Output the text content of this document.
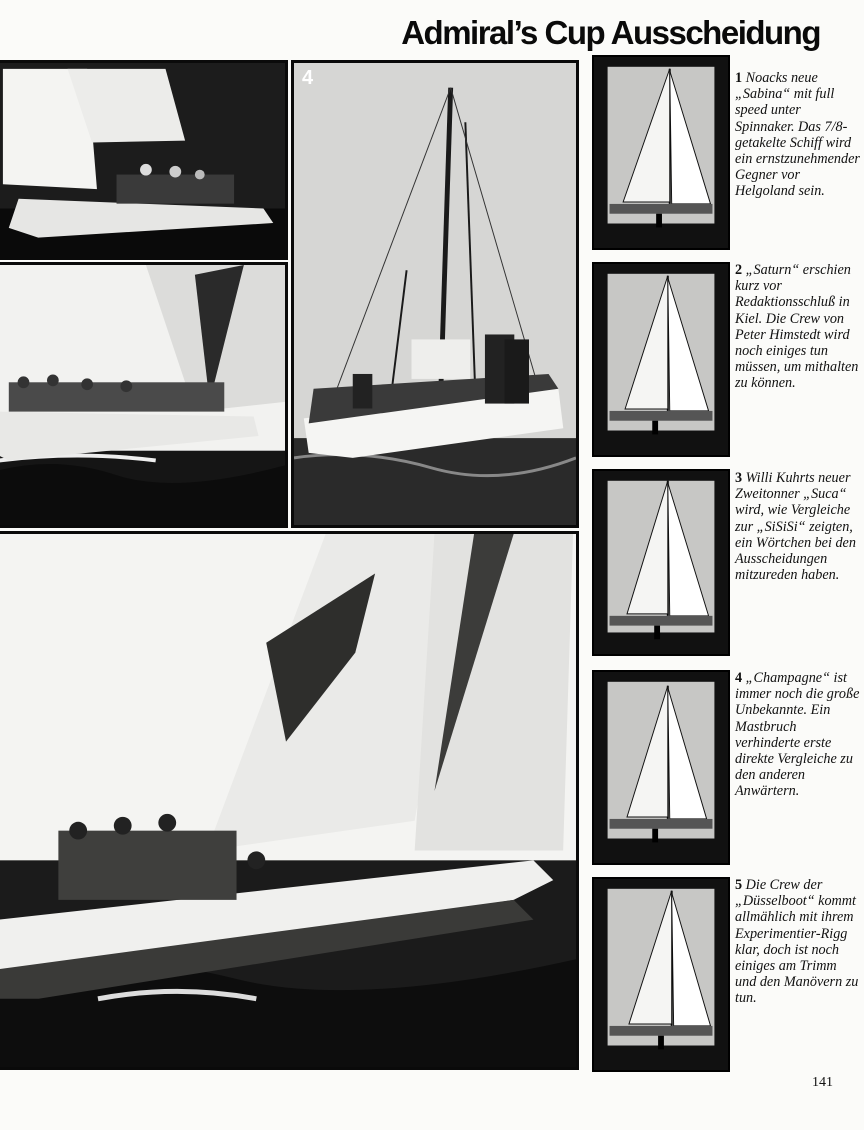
Admiral’s Cup Ausscheidung
4	1 Noacks neue „Sabina“ mit full speed unter Spinnaker. Das 7/8-getakelte Schiff wird ein ernstzunehmender Gegner vor Helgoland sein.

2 „Saturn“ erschien kurz vor Redaktionsschluß in Kiel. Die Crew von Peter Himstedt wird noch einiges tun müssen, um mithalten zu können.

3 Willi Kuhrts neuer Zweitonner „Suca“ wird, wie Vergleiche zur „SiSiSi“ zeigten, ein Wörtchen bei den Ausscheidungen mitzureden haben.

4 „Champagne“ ist immer noch die große Unbekannte. Ein Mastbruch verhinderte erste direkte Vergleiche zu den anderen Anwärtern.

5 Die Crew der „Düsselboot“ kommt allmählich mit ihrem Experimentier-Rigg klar, doch ist noch einiges am Trimm und den Manövern zu tun.

141
